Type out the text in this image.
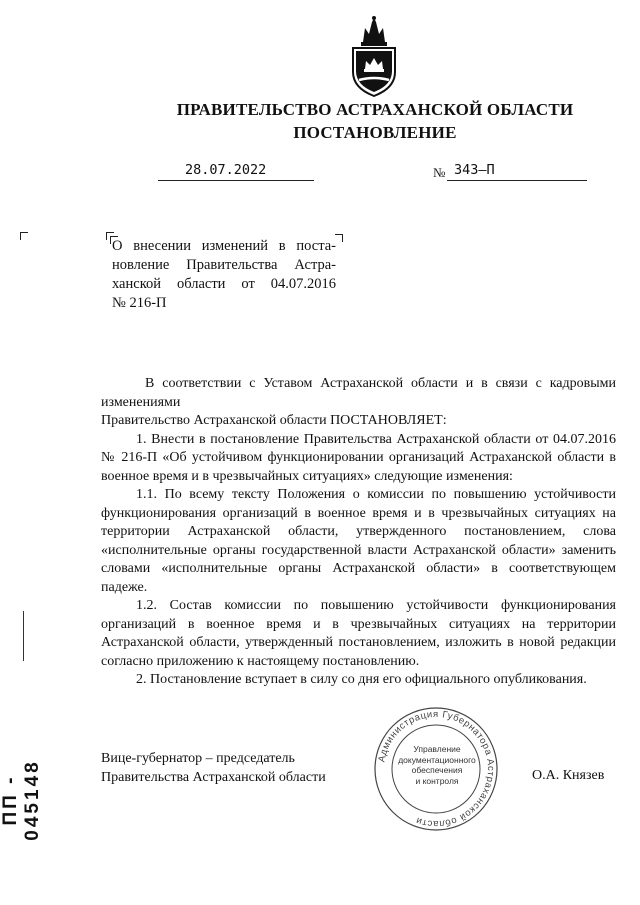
ПРАВИТЕЛЬСТВО АСТРАХАНСКОЙ ОБЛАСТИ
ПОСТАНОВЛЕНИЕ
28.07.2022	№ 343–П
О внесении изменений в поста-
новление Правительства Астра-
ханской области от 04.07.2016
№ 216-П

В соответствии с Уставом Астраханской области и в связи с кадровыми изменениями

Правительство Астраханской области ПОСТАНОВЛЯЕТ:

1. Внести в постановление Правительства Астраханской области от 04.07.2016 № 216-П «Об устойчивом функционировании организаций Астраханской области в военное время и в чрезвычайных ситуациях» следующие изменения:

1.1. По всему тексту Положения о комиссии по повышению устойчивости функционирования организаций в военное время и в чрезвычайных ситуациях на территории Астраханской области, утвержденного постановлением, слова «исполнительные органы государственной власти Астраханской области» заменить словами «исполнительные органы Астраханской области» в соответствующем падеже.

1.2. Состав комиссии по повышению устойчивости функционирования организаций в военное время и в чрезвычайных ситуациях на территории Астраханской области, утвержденный постановлением, изложить в новой редакции согласно приложению к настоящему постановлению.

2. Постановление вступает в силу со дня его официального опубликования.

Вице-губернатор – председатель
Правительства Астраханской области	О.А. Князев
Администрация Губернатора Астраханской области
Управление
документационного
обеспечения
и контроля
ПП - 045148
